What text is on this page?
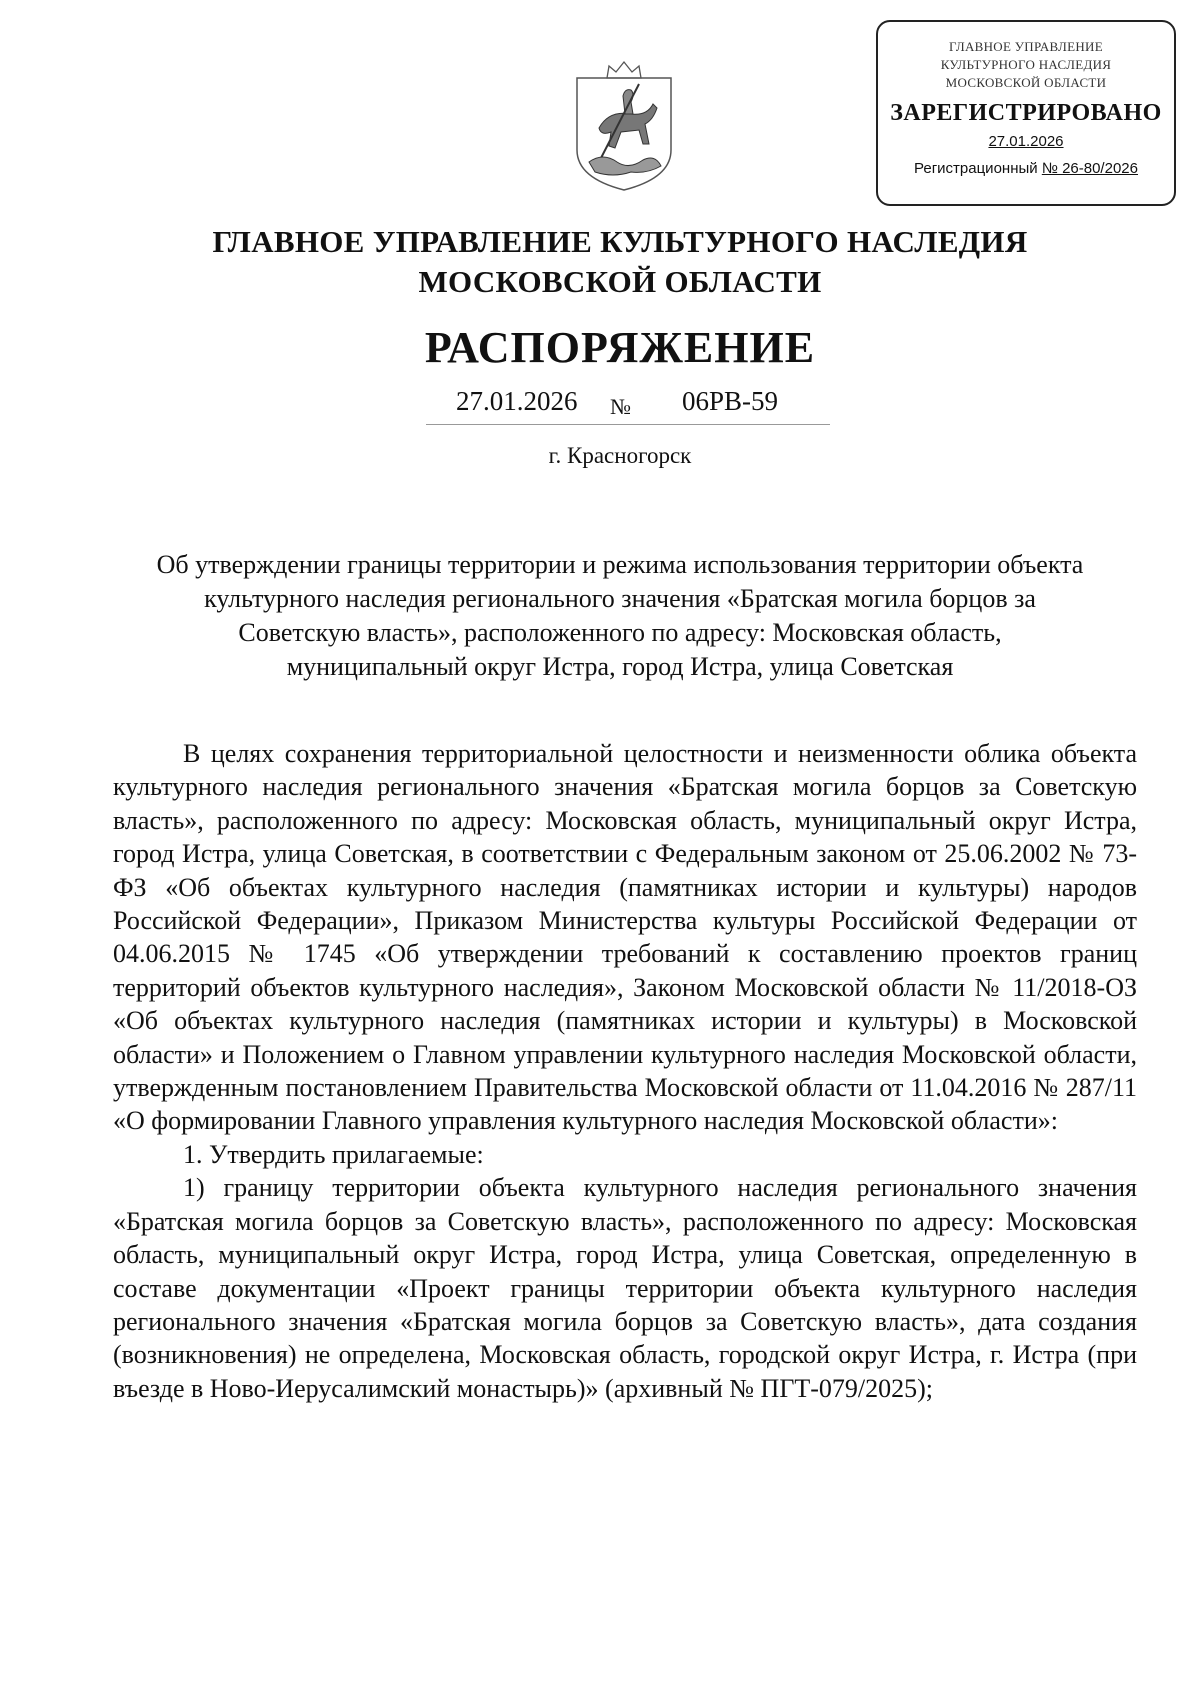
ГЛАВНОЕ УПРАВЛЕНИЕ
КУЛЬТУРНОГО НАСЛЕДИЯ
МОСКОВСКОЙ ОБЛАСТИ
ЗАРЕГИСТРИРОВАНО
27.01.2026
Регистрационный № 26-80/2026
ГЛАВНОЕ УПРАВЛЕНИЕ КУЛЬТУРНОГО НАСЛЕДИЯ
МОСКОВСКОЙ ОБЛАСТИ
РАСПОРЯЖЕНИЕ
27.01.2026 № 06РВ-59
г. Красногорск
Об утверждении границы территории и режима использования территории объекта
культурного наследия регионального значения «Братская могила борцов за
Советскую власть», расположенного по адресу: Московская область,
муниципальный округ Истра, город Истра, улица Советская

В целях сохранения территориальной целостности и неизменности облика объекта культурного наследия регионального значения «Братская могила борцов за Советскую власть», расположенного по адресу: Московская область, муниципальный округ Истра, город Истра, улица Советская, в соответствии с Федеральным законом от 25.06.2002 № 73-ФЗ «Об объектах культурного наследия (памятниках истории и культуры) народов Российской Федерации», Приказом Министерства культуры Российской Федерации от 04.06.2015 № 1745 «Об утверждении требований к составлению проектов границ территорий объектов культурного наследия», Законом Московской области № 11/2018-ОЗ «Об объектах культурного наследия (памятниках истории и культуры) в Московской области» и Положением о Главном управлении культурного наследия Московской области, утвержденным постановлением Правительства Московской области от 11.04.2016 № 287/11 «О формировании Главного управления культурного наследия Московской области»:

1. Утвердить прилагаемые:

1) границу территории объекта культурного наследия регионального значения «Братская могила борцов за Советскую власть», расположенного по адресу: Московская область, муниципальный округ Истра, город Истра, улица Советская, определенную в составе документации «Проект границы территории объекта культурного наследия регионального значения «Братская могила борцов за Советскую власть», дата создания (возникновения) не определена, Московская область, городской округ Истра, г. Истра (при въезде в Ново-Иерусалимский монастырь)» (архивный № ПГТ-079/2025);
